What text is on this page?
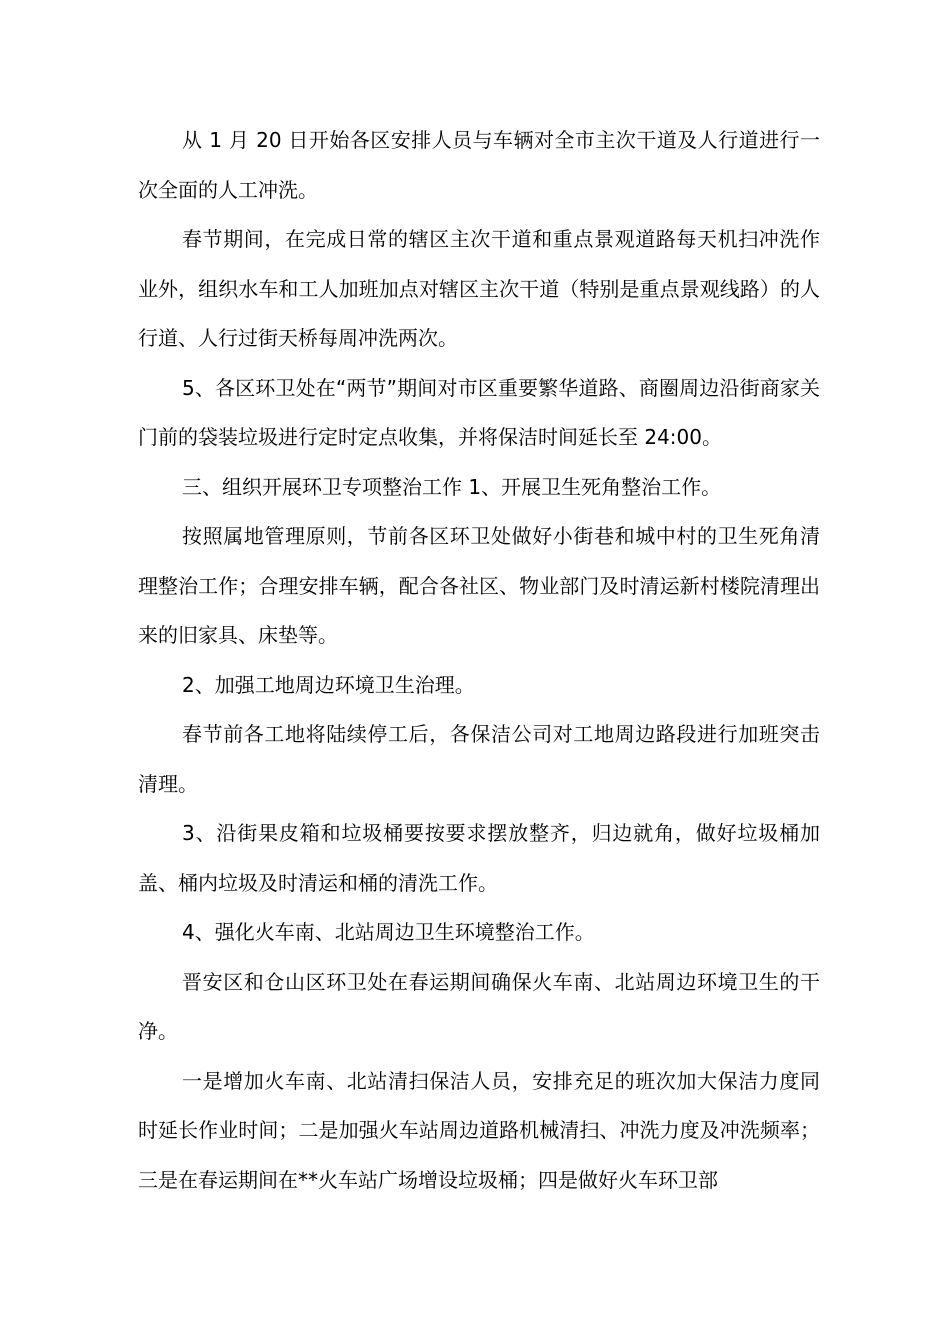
从 1 月 20 日开始各区安排人员与车辆对全市主次干道及人行道进行一次全面的人工冲洗。

春节期间，在完成日常的辖区主次干道和重点景观道路每天机扫冲洗作业外，组织水车和工人加班加点对辖区主次干道（特别是重点景观线路）的人行道、人行过街天桥每周冲洗两次。

5、各区环卫处在“两节”期间对市区重要繁华道路、商圈周边沿街商家关门前的袋装垃圾进行定时定点收集，并将保洁时间延长至 24:00。

三、组织开展环卫专项整治工作 1、开展卫生死角整治工作。

按照属地管理原则，节前各区环卫处做好小街巷和城中村的卫生死角清理整治工作；合理安排车辆，配合各社区、物业部门及时清运新村楼院清理出来的旧家具、床垫等。

2、加强工地周边环境卫生治理。

春节前各工地将陆续停工后，各保洁公司对工地周边路段进行加班突击清理。

3、沿街果皮箱和垃圾桶要按要求摆放整齐，归边就角，做好垃圾桶加盖、桶内垃圾及时清运和桶的清洗工作。

4、强化火车南、北站周边卫生环境整治工作。

晋安区和仓山区环卫处在春运期间确保火车南、北站周边环境卫生的干净。

一是增加火车南、北站清扫保洁人员，安排充足的班次加大保洁力度同时延长作业时间；二是加强火车站周边道路机械清扫、冲洗力度及冲洗频率；三是在春运期间在**火车站广场增设垃圾桶；四是做好火车环卫部
